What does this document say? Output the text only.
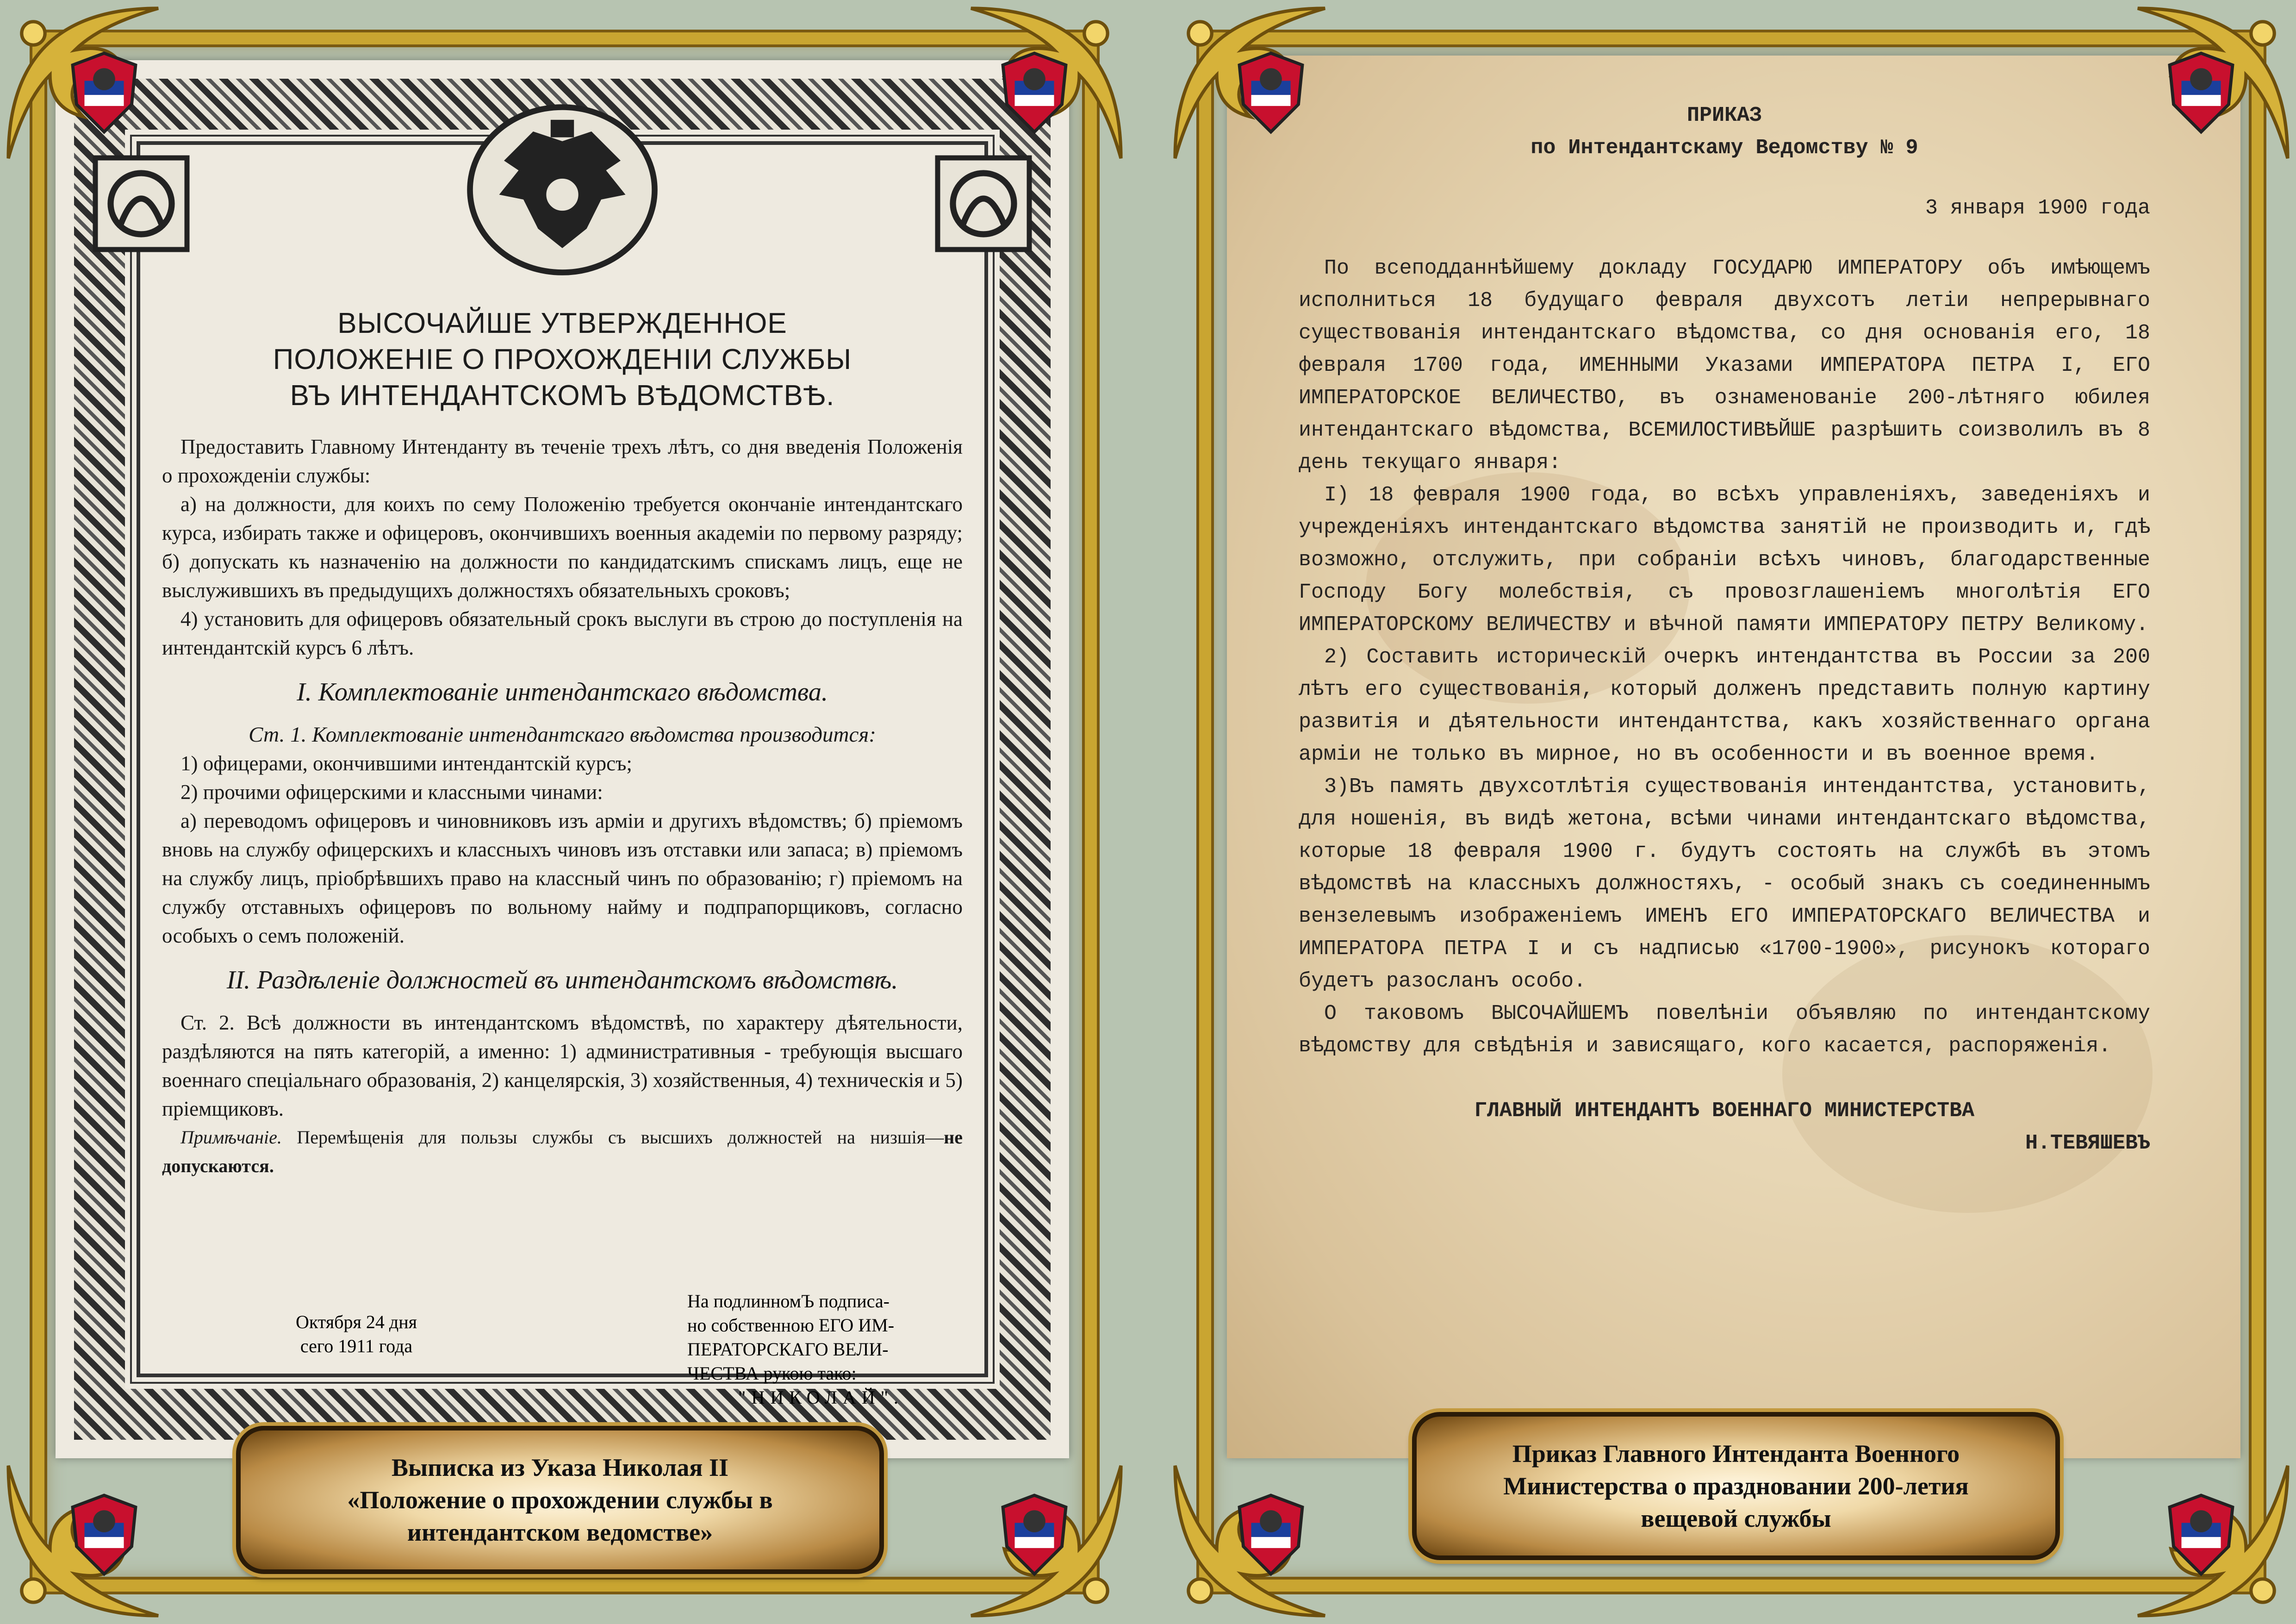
ВЫСОЧАЙШЕ УТВЕРЖДЕННОЕ
ПОЛОЖЕНIЕ О ПРОХОЖДЕНIИ СЛУЖБЫ
ВЪ ИНТЕНДАНТСКОМЪ ВѢДОМСТВѢ.

Предоставить Главному Интенданту въ теченіе трехъ лѣтъ, со дня введенія Положенія о прохожденіи службы:

а) на должности, для коихъ по сему Положенію требуется окончаніе интендантскаго курса, избирать также и офицеровъ, окончившихъ военныя академіи по первому разряду; б) допускать къ назначенію на должности по кандидатскимъ спискамъ лицъ, еще не выслужившихъ въ предыдущихъ должностяхъ обязательныхъ сроковъ;

4) установить для офицеровъ обязательный срокъ выслуги въ строю до поступленія на интендантскій курсъ 6 лѣтъ.

I. Комплектованіе интендантскаго вѣдомства.

Ст. 1. Комплектованіе интендантскаго вѣдомства производится:

1) офицерами, окончившими интендантскій курсъ;

2) прочими офицерскими и классными чинами:

а) переводомъ офицеровъ и чиновниковъ изъ арміи и другихъ вѣдомствъ; б) пріемомъ вновь на службу офицерскихъ и классныхъ чиновъ изъ отставки или запаса; в) пріемомъ на службу лицъ, пріобрѣвшихъ право на классный чинъ по образованію; г) пріемомъ на службу отставныхъ офицеровъ по вольному найму и подпрапорщиковъ, согласно особыхъ о семъ положеній.

II. Раздѣленіе должностей въ интендантскомъ вѣдомствѣ.

Ст. 2. Всѣ должности въ интендантскомъ вѣдомствѣ, по характеру дѣятельности, раздѣляются на пять категорій, а именно: 1) административныя - требующія высшаго военнаго спеціальнаго образованія, 2) канцелярскія, 3) хозяйственныя, 4) техническія и 5) пріемщиковъ.

Примѣчаніе. Перемѣщенія для пользы службы съ высшихъ должностей на низшія—не допускаются.

Октября 24 дня
сего 1911 года
На подлинномЪ подписа-
но собственною ЕГО ИМ-
ПЕРАТОРСКАГО ВЕЛИ-
ЧЕСТВА рукою тако:
"НИКОЛАЙ".
Выписка из Указа Николая II
«Положение о прохождении службы в
интендантском ведомстве»

ПРИКАЗ

по Интендантскаму Ведомству № 9

3 января 1900 года

По всеподданнѣйшему докладу ГОСУДАРЮ ИМПЕРАТОРУ объ имѣющемъ исполниться 18 будущаго февраля двухсотъ летiи непрерывнаго существованiя интендантскаго вѣдомства, со дня основанiя его, 18 февраля 1700 года, ИМЕННЫМИ Указами ИМПЕРАТОРА ПЕТРА I, ЕГО ИМПЕРАТОРСКОЕ ВЕЛИЧЕСТВО, въ ознаменованiе 200-лѣтняго юбилея интендантскаго вѣдомства, ВСЕМИЛОСТИВѢЙШЕ разрѣшить соизволилъ въ 8 день текущаго января:

I) 18 февраля 1900 года, во всѣхъ управленiяхъ, заведенiяхъ и учрежденiяхъ интендантскаго вѣдомства занятiй не производить и, гдѣ возможно, отслужить, при собранiи всѣхъ чиновъ, благодарственные Господу Богу молебствiя, съ провозглашенiемъ многолѣтiя ЕГО ИМПЕРАТОРСКОМУ ВЕЛИЧЕСТВУ и вѣчной памяти ИМПЕРАТОРУ ПЕТРУ Великому.

2) Составить историческiй очеркъ интендантства въ России за 200 лѣтъ его существованiя, который долженъ представить полную картину развитiя и дѣятельности интендантства, какъ хозяйственнаго органа армiи не только въ мирное, но въ особенности и въ военное время.

3)Въ память двухсотлѣтiя существованiя интендантства, установить, для ношенiя, въ видѣ жетона, всѣми чинами интендантскаго вѣдомства, которые 18 февраля 1900 г. будутъ состоять на службѣ въ этомъ вѣдомствѣ на классныхъ должностяхъ, - особый знакъ съ соединеннымъ вензелевымъ изображенiемъ ИМЕНЪ ЕГО ИМПЕРАТОРСКАГО ВЕЛИЧЕСТВА и ИМПЕРАТОРА ПЕТРА I и съ надписью «1700-1900», рисунокъ котораго будетъ разосланъ особо.

О таковомъ ВЫСОЧАЙШЕМЪ повелѣнiи объявляю по интендантскому вѣдомству для свѣдѣнiя и зависящаго, кого касается, распоряженiя.

ГЛАВНЫЙ ИНТЕНДАНТЪ ВОЕННАГО МИНИСТЕРСТВА

Н.ТЕВЯШЕВЪ

Приказ Главного Интенданта Военного
Министерства о праздновании 200-летия
вещевой службы
